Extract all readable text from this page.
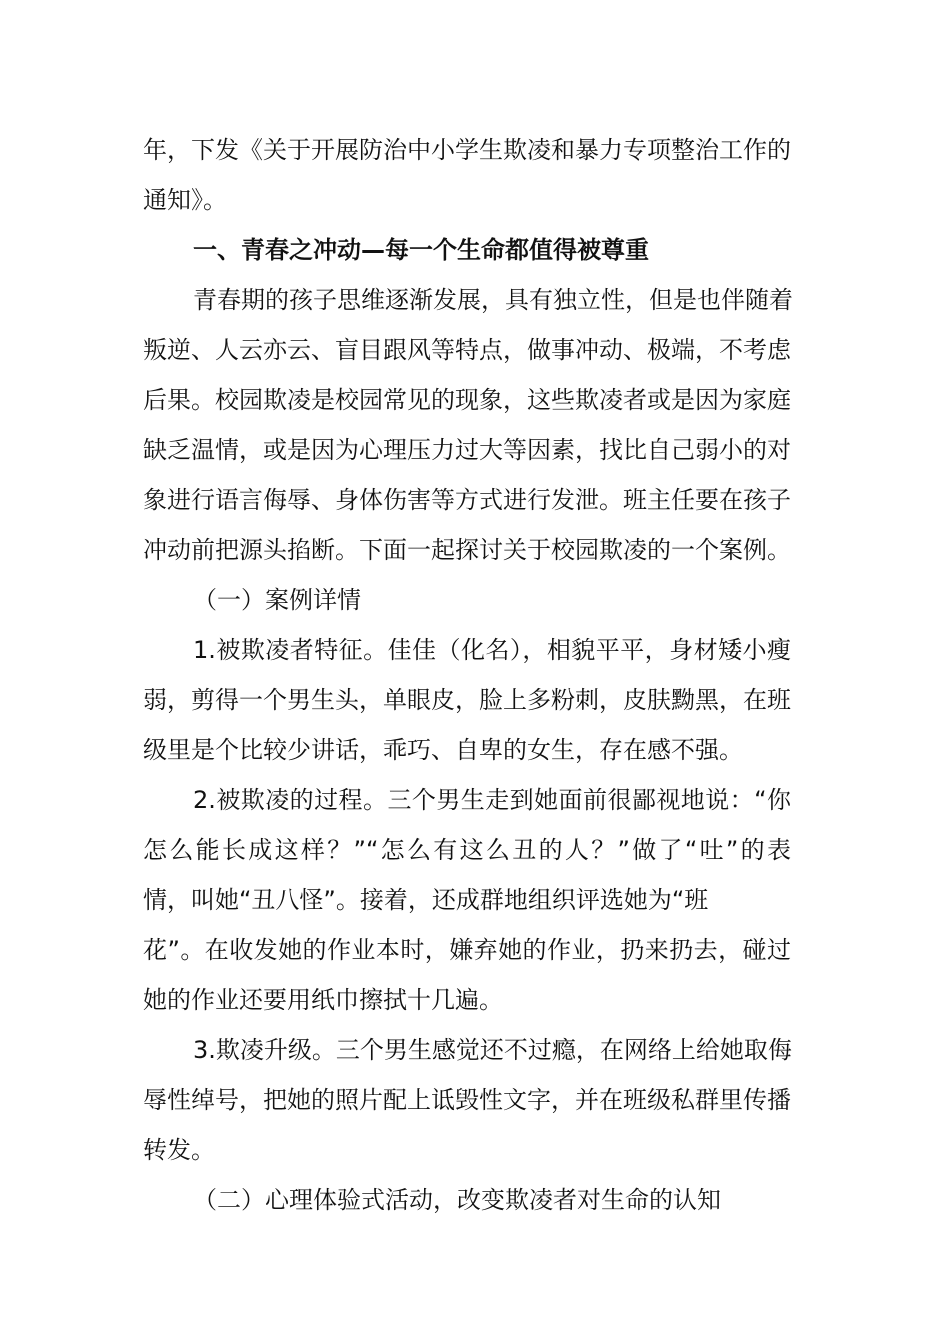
年，下发《关于开展防治中小学生欺凌和暴力专项整治工作的
通知》。
一、青春之冲动—每一个生命都值得被尊重
青春期的孩子思维逐渐发展，具有独立性，但是也伴随着
叛逆、人云亦云、盲目跟风等特点，做事冲动、极端，不考虑
后果。校园欺凌是校园常见的现象，这些欺凌者或是因为家庭
缺乏温情，或是因为心理压力过大等因素，找比自己弱小的对
象进行语言侮辱、身体伤害等方式进行发泄。班主任要在孩子
冲动前把源头掐断。下面一起探讨关于校园欺凌的一个案例。
（一）案例详情
1.被欺凌者特征。佳佳（化名），相貌平平，身材矮小瘦
弱，剪得一个男生头，单眼皮，脸上多粉刺，皮肤黝黑，在班
级里是个比较少讲话，乖巧、自卑的女生，存在感不强。
2.被欺凌的过程。三个男生走到她面前很鄙视地说：“你
怎么能长成这样？”“怎么有这么丑的人？”做了“吐”的表
情，叫她“丑八怪”。接着，还成群地组织评选她为“班
花”。在收发她的作业本时，嫌弃她的作业，扔来扔去，碰过
她的作业还要用纸巾擦拭十几遍。
3.欺凌升级。三个男生感觉还不过瘾，在网络上给她取侮
辱性绰号，把她的照片配上诋毁性文字，并在班级私群里传播
转发。
（二）心理体验式活动，改变欺凌者对生命的认知
